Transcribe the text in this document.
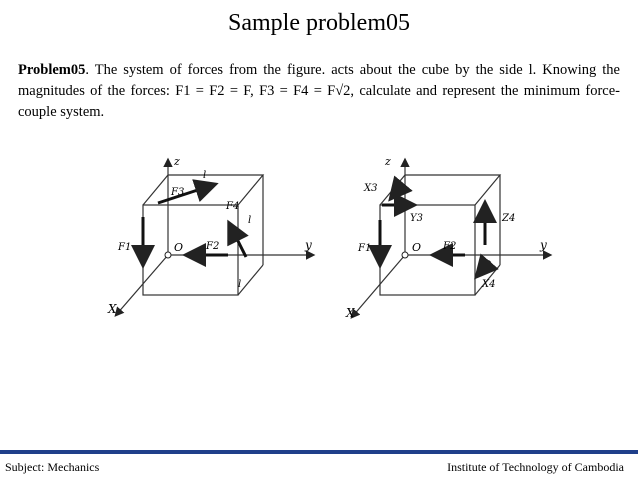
Sample problem05
Problem05. The system of forces from the figure. acts about the cube by the side l. Knowing the magnitudes of the forces: F1 = F2 = F, F3 = F4 = F√2, calculate and represent the minimum force-couple system.
z
y
X
O
F3
F1	F2
F4
l
l
l
z
y
X
O
X3
Y3
F1	F2
Z4
X4
Subject: Mechanics	Institute of Technology of Cambodia
